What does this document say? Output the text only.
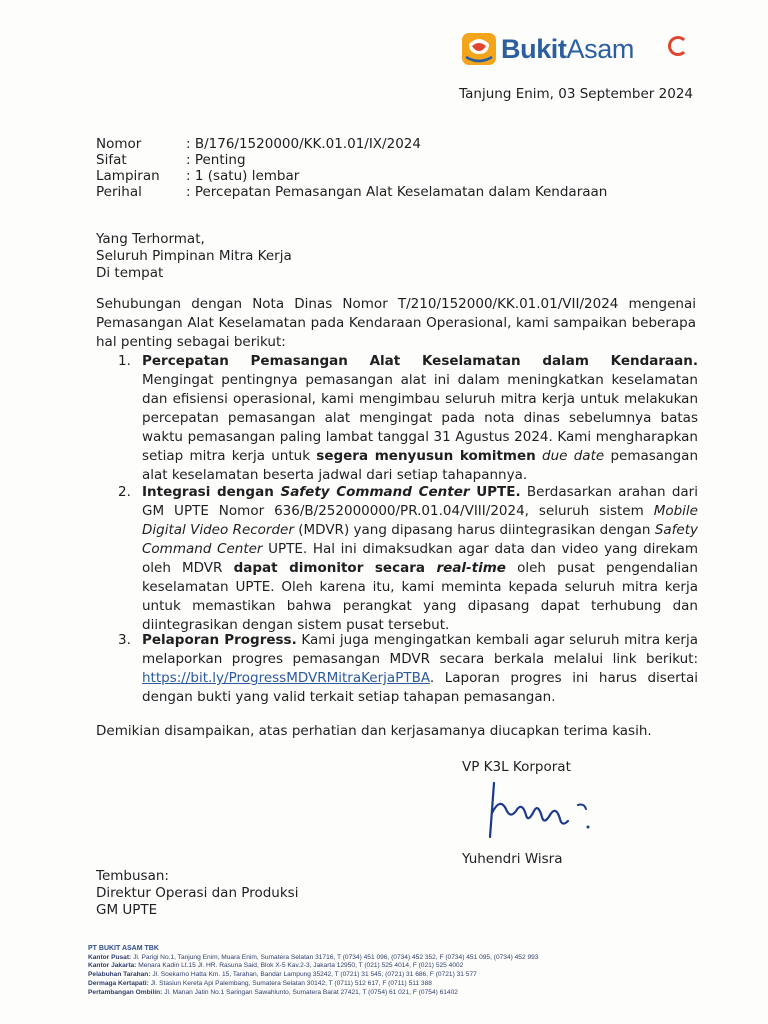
BukitAsam
Tanjung Enim, 03 September 2024
Nomor	: B/176/1520000/KK.01.01/IX/2024
Sifat	: Penting
Lampiran : 1 (satu) lembar
Perihal	: Percepatan Pemasangan Alat Keselamatan dalam Kendaraan
Yang Terhormat,
Seluruh Pimpinan Mitra Kerja
Di tempat
Sehubungan dengan Nota Dinas Nomor T/210/152000/KK.01.01/VII/2024 mengenai Pemasangan Alat Keselamatan pada Kendaraan Operasional, kami sampaikan beberapa hal penting sebagai berikut:
1. Percepatan Pemasangan Alat Keselamatan dalam Kendaraan.
Mengingat pentingnya pemasangan alat ini dalam meningkatkan keselamatan dan efisiensi operasional, kami mengimbau seluruh mitra kerja untuk melakukan percepatan pemasangan alat mengingat pada nota dinas sebelumnya batas waktu pemasangan paling lambat tanggal 31 Agustus 2024. Kami mengharapkan setiap mitra kerja untuk segera menyusun komitmen due date pemasangan alat keselamatan beserta jadwal dari setiap tahapannya.
2. Integrasi dengan Safety Command Center UPTE. Berdasarkan arahan dari GM UPTE Nomor 636/B/252000000/PR.01.04/VIII/2024, seluruh sistem Mobile Digital Video Recorder (MDVR) yang dipasang harus diintegrasikan dengan Safety Command Center UPTE. Hal ini dimaksudkan agar data dan video yang direkam oleh MDVR dapat dimonitor secara real-time oleh pusat pengendalian keselamatan UPTE. Oleh karena itu, kami meminta kepada seluruh mitra kerja untuk memastikan bahwa perangkat yang dipasang dapat terhubung dan diintegrasikan dengan sistem pusat tersebut.
3. Pelaporan Progress. Kami juga mengingatkan kembali agar seluruh mitra kerja melaporkan progres pemasangan MDVR secara berkala melalui link berikut: https://bit.ly/ProgressMDVRMitraKerjaPTBA. Laporan progres ini harus disertai dengan bukti yang valid terkait setiap tahapan pemasangan.
Demikian disampaikan, atas perhatian dan kerjasamanya diucapkan terima kasih.
VP K3L Korporat
Yuhendri Wisra
Tembusan:
Direktur Operasi dan Produksi
GM UPTE
PT BUKIT ASAM TBK
Kantor Pusat: Jl. Parigi No.1, Tanjung Enim, Muara Enim, Sumatera Selatan 31716, T (0734) 451 096, (0734) 452 352, F (0734) 451 095, (0734) 452 993
Kantor Jakarta: Menara Kadin Lt.15 Jl. HR. Rasuna Said, Blok X-5 Kav.2-3, Jakarta 12950, T (021) 525 4014, F (021) 525 4002
Pelabuhan Tarahan: Jl. Soekarno Hatta Km. 15, Tarahan, Bandar Lampung 35242, T (0721) 31 545, (0721) 31 686, F (0721) 31 577
Dermaga Kertapati: Jl. Stasiun Kereta Api Palembang, Sumatera Selatan 30142, T (0711) 512 617, F (0711) 511 388
Pertambangan Ombilin: Jl. Manan Jatin No.1 Saringan Sawahlunto, Sumatera Barat 27421, T (0754) 61 021, F (0754) 61402
